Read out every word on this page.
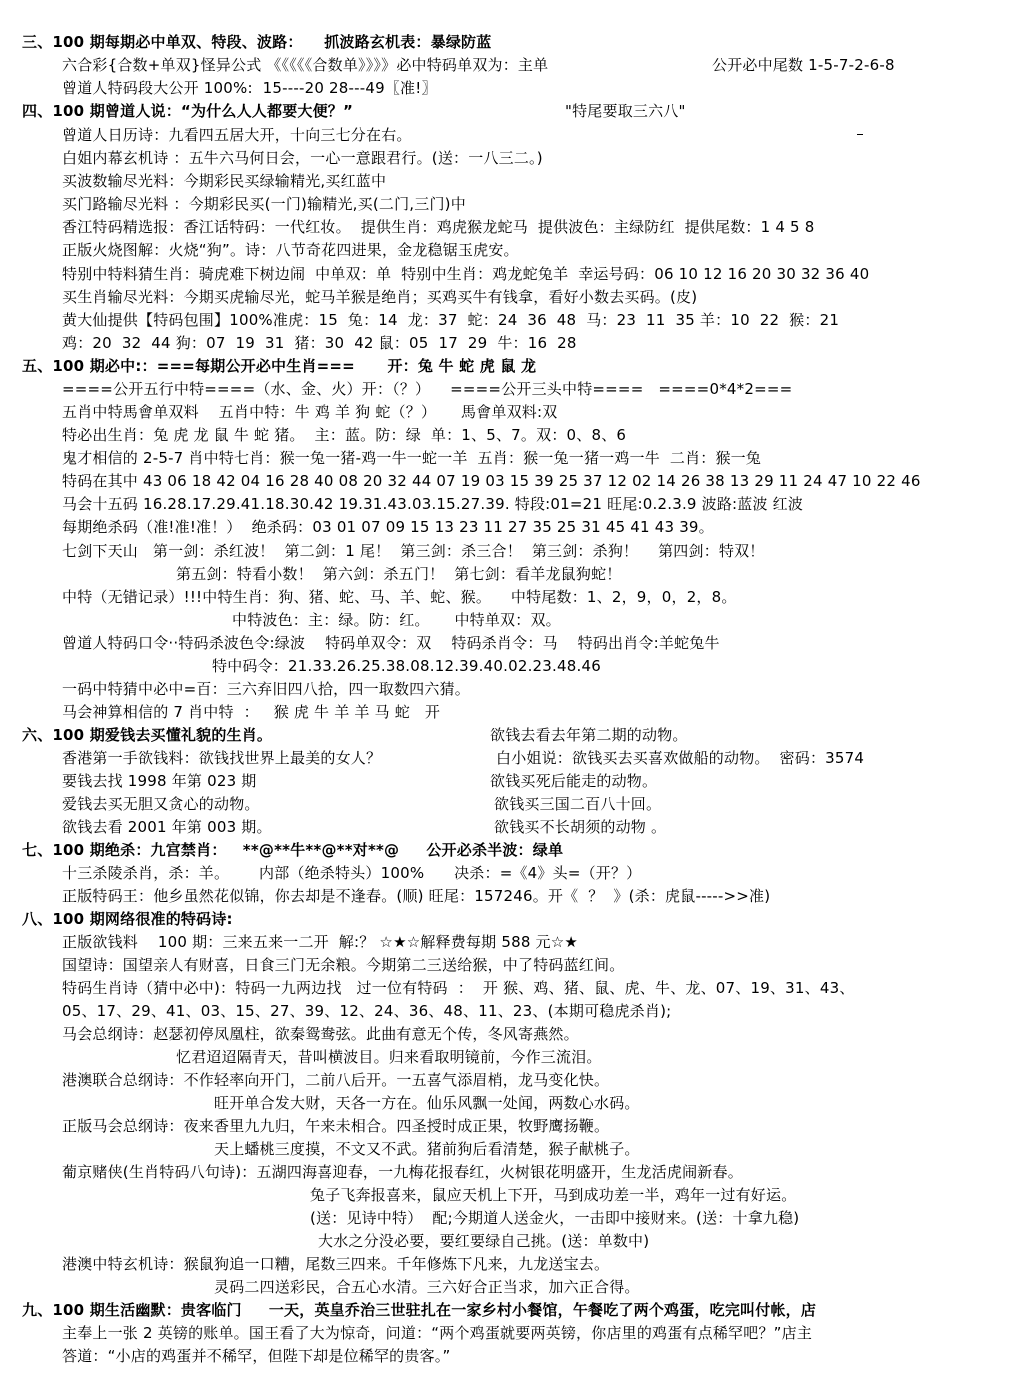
三、100 期每期必中单双、特段、波路：    抓波路玄机表：暴绿防蓝
六合彩{合数+单双}怪异公式 《《《《《合数单》》》》必中特码单双为：主单	公开必中尾数 1-5-7-2-6-8
曾道人特码段大公开 100%:  15----20 28---49〖准!〗
四、100 期曾道人说：“为什么人人都要大便？”	"特尾要取三六八"
曾道人日历诗：九看四五居大开，十向三七分在右。
白姐内幕玄机诗 ：五牛六马何日会，一心一意跟君行。(送：一八三二。)
买波数输尽光料：今期彩民买绿输精光,买红蓝中
买门路输尽光料 ：今期彩民买(一门)输精光,买(二门,三门)中
香江特码精选报：香江话特码：一代红妆。  提供生肖：鸡虎猴龙蛇马  提供波色：主绿防红  提供尾数：1 4 5 8
正版火烧图解：火烧“狗”。诗：八节奇花四进果，金龙稳锯玉虎安。
特别中特料猜生肖：骑虎难下树边闹  中单双：单  特别中生肖：鸡龙蛇兔羊  幸运号码：06 10 12 16 20 30 32 36 40
买生肖输尽光料：今期买虎输尽光，蛇马羊猴是绝肖；买鸡买牛有钱拿，看好小数去买码。(皮)
黄大仙提供【特码包围】100%准虎：15  兔：14  龙：37  蛇：24  36  48  马：23  11  35 羊：10  22  猴：21
鸡：20  32  44 狗：07  19  31  猪：30  42 鼠：05  17  29  牛：16  28
五、100 期必中:：===每期公开必中生肖===      开：兔 牛 蛇 虎 鼠 龙
====公开五行中特====（水、金、火）开：（？）    ====公开三头中特====   ====0*4*2===
五肖中特馬會单双料    五肖中特：牛 鸡 羊 狗 蛇（？）     馬會单双料:双
特必出生肖：兔 虎 龙 鼠 牛 蛇 猪。  主：蓝。防：绿  单：1、5、7。双：0、8、6
鬼才相信的 2-5-7 肖中特七肖：猴一兔一猪-鸡一牛一蛇一羊  五肖：猴一兔一猪一鸡一牛  二肖：猴一兔
特码在其中 43 06 18 42 04 16 28 40 08 20 32 44 07 19 03 15 39 25 37 12 02 14 26 38 13 29 11 24 47 10 22 46
马会十五码 16.28.17.29.41.18.30.42 19.31.43.03.15.27.39. 特段:01=21 旺尾:0.2.3.9 波路:蓝波 红波
每期绝杀码（准!准!准！）  绝杀码：03 01 07 09 15 13 23 11 27 35 25 31 45 41 43 39。
七剑下天山   第一剑：杀红波！  第二剑：1 尾！  第三剑：杀三合！  第三剑：杀狗！    第四剑：特双！
第五剑：特看小数！  第六剑：杀五门！  第七剑：看羊龙鼠狗蛇！
中特（无错记录）!!!中特生肖：狗、猪、蛇、马、羊、蛇、猴。    中特尾数：1、2，9，0，2，8。
中特波色：主：绿。防：红。     中特单双：双。
曾道人特码口令··特码杀波色令:绿波    特码单双令：双    特码杀肖令：马    特码出肖令:羊蛇兔牛
特中码令：21.33.26.25.38.08.12.39.40.02.23.48.46
一码中特猜中必中=百：三六弃旧四八拾，四一取数四六猜。
马会神算相信的 7 肖中特  ：   猴 虎 牛 羊 羊 马 蛇   开
六、100 期爱钱去买懂礼貌的生肖。	欲钱去看去年第二期的动物。
香港第一手欲钱料：欲钱找世界上最美的女人？	白小姐说：欲钱买去买喜欢做船的动物。  密码：3574
要钱去找 1998 年第 023 期	欲钱买死后能走的动物。
爱钱去买无胆又贪心的动物。	欲钱买三国二百八十回。
欲钱去看 2001 年第 003 期。	欲钱买不长胡须的动物 。
七、100 期绝杀：九宫禁肖：   **@**牛**@**对**@     公开必杀半波：绿单
十三杀陵杀肖，杀：羊。      内部（绝杀特头）100%      决杀：=《4》头=（开？）
正版特码王：他乡虽然花似锦，你去却是不逢春。(顺) 旺尾：157246。开《  ？  》(杀：虎鼠----->>准)
八、100 期网络很准的特码诗:
正版欲钱料    100 期：三来五来一二开  解:？ ☆★☆解释费每期 588 元☆★
国望诗：国望亲人有财喜，日食三门无余粮。今期第二三送给猴，中了特码蓝红间。
特码生肖诗（猜中必中)：特码一九两边找   过一位有特码  ：  开 猴、鸡、猪、鼠、虎、牛、龙、07、19、31、43、
05、17、29、41、03、15、27、39、12、24、36、48、11、23、(本期可稳虎杀肖);
马会总纲诗：赵瑟初停凤凰柱，欲秦鸳鸯弦。此曲有意无个传，冬风寄燕然。
忆君迢迢隔青天，昔叫横波目。归来看取明镜前，今作三流泪。
港澳联合总纲诗：不作轻率向开门，二前八后开。一五喜气添眉梢，龙马变化快。
旺开单合发大财，天各一方在。仙乐风飘一处闻，两数心水码。
正版马会总纲诗：夜来香里九九归，午来未相合。四圣授时成正果，牧野鹰扬鞭。
天上蟠桃三度摸，不文又不武。猪前狗后看清楚，猴子献桃子。
葡京赌侠(生肖特码八句诗)：五湖四海喜迎春，一九梅花报春红，火树银花明盛开，生龙活虎闹新春。
兔子飞奔报喜来，鼠应天机上下开，马到成功差一半，鸡年一过有好运。
(送：见诗中特）  配;今期道人送金火，一击即中接财来。(送：十拿九稳)
大水之分没必要，要红要绿自己挑。(送：单数中)
港澳中特玄机诗：猴鼠狗追一口糟，尾数三四来。千年修炼下凡来，九龙送宝去。
灵码二四送彩民，合五心水清。三六好合正当求，加六正合得。
九、100 期生活幽默：贵客临门     一天，英皇乔治三世驻扎在一家乡村小餐馆，午餐吃了两个鸡蛋，吃完叫付帐，店
主奉上一张 2 英镑的账单。国王看了大为惊奇，问道：“两个鸡蛋就要两英镑，你店里的鸡蛋有点稀罕吧？”店主
答道：“小店的鸡蛋并不稀罕，但陛下却是位稀罕的贵客。”
